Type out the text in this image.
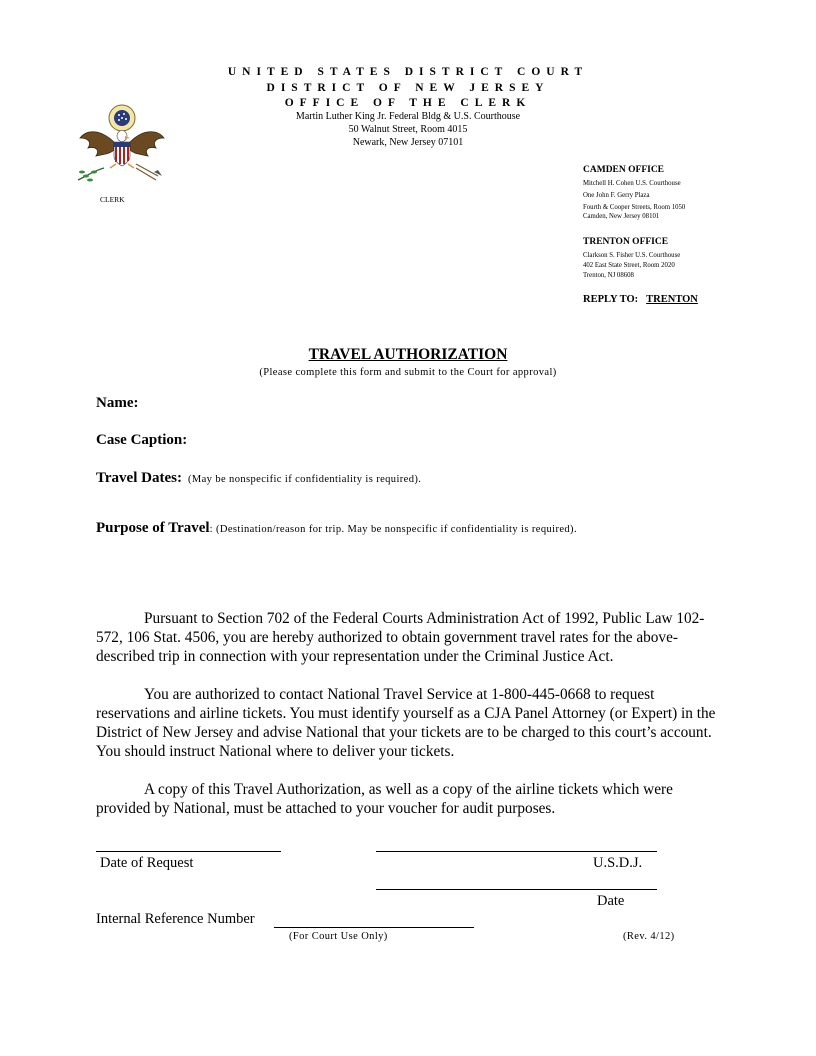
UNITED STATES DISTRICT COURT
DISTRICT OF NEW JERSEY
OFFICE OF THE CLERK
Martin Luther King Jr. Federal Bldg & U.S. Courthouse
50 Walnut Street, Room 4015
Newark, New Jersey 07101
CLERK
CAMDEN OFFICE
Mitchell H. Cohen U.S. Courthouse
One John F. Gerry Plaza
Fourth & Cooper Streets, Room 1050
Camden, New Jersey 08101
TRENTON OFFICE
Clarkson S. Fisher U.S. Courthouse
402 East State Street, Room 2020
Trenton, NJ 08608
REPLY TO: TRENTON
TRAVEL AUTHORIZATION
(Please complete this form and submit to the Court for approval)
Name:
Case Caption:
Travel Dates: (May be nonspecific if confidentiality is required).
Purpose of Travel: (Destination/reason for trip. May be nonspecific if confidentiality is required).
Pursuant to Section 702 of the Federal Courts Administration Act of 1992, Public Law 102-572, 106 Stat. 4506, you are hereby authorized to obtain government travel rates for the above-described trip in connection with your representation under the Criminal Justice Act.
You are authorized to contact National Travel Service at 1-800-445-0668 to request reservations and airline tickets. You must identify yourself as a CJA Panel Attorney (or Expert) in the District of New Jersey and advise National that your tickets are to be charged to this court’s account. You should instruct National where to deliver your tickets.
A copy of this Travel Authorization, as well as a copy of the airline tickets which were provided by National, must be attached to your voucher for audit purposes.
Date of Request	U.S.D.J.
Date
Internal Reference Number
(For Court Use Only)	(Rev. 4/12)
